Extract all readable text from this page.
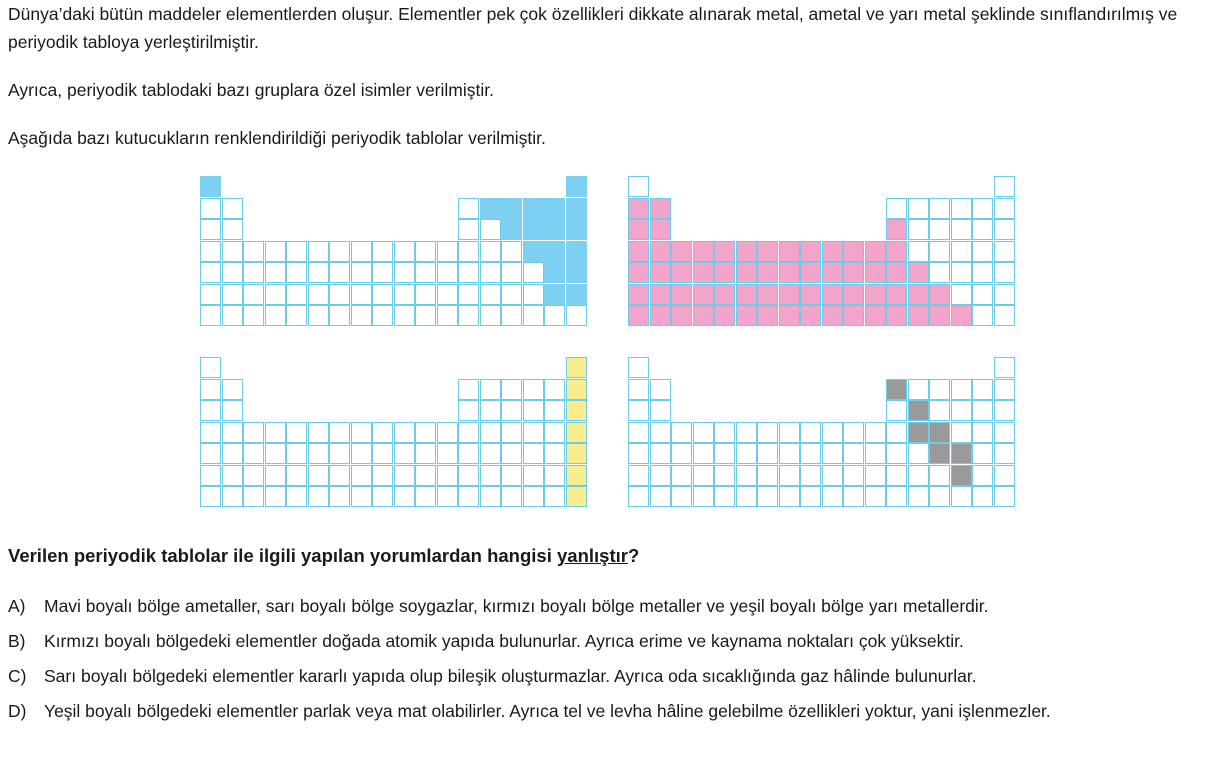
Dünya’daki bütün maddeler elementlerden oluşur. Elementler pek çok özellikleri dikkate alınarak metal, ametal ve yarı metal şeklinde sınıflandırılmış ve periyodik tabloya yerleştirilmiştir.

Ayrıca, periyodik tablodaki bazı gruplara özel isimler verilmiştir.

Aşağıda bazı kutucukların renklendirildiği periyodik tablolar verilmiştir.

Verilen periyodik tablolar ile ilgili yapılan yorumlardan hangisi yanlıştır?

A)	Mavi boyalı bölge ametaller, sarı boyalı bölge soygazlar, kırmızı boyalı bölge metaller ve yeşil boyalı bölge yarı metallerdir.
B)	Kırmızı boyalı bölgedeki elementler doğada atomik yapıda bulunurlar. Ayrıca erime ve kaynama noktaları çok yüksektir.
C)	Sarı boyalı bölgedeki elementler kararlı yapıda olup bileşik oluşturmazlar. Ayrıca oda sıcaklığında gaz hâlinde bulunurlar.
D)	Yeşil boyalı bölgedeki elementler parlak veya mat olabilirler. Ayrıca tel ve levha hâline gelebilme özellikleri yoktur, yani işlenmezler.
